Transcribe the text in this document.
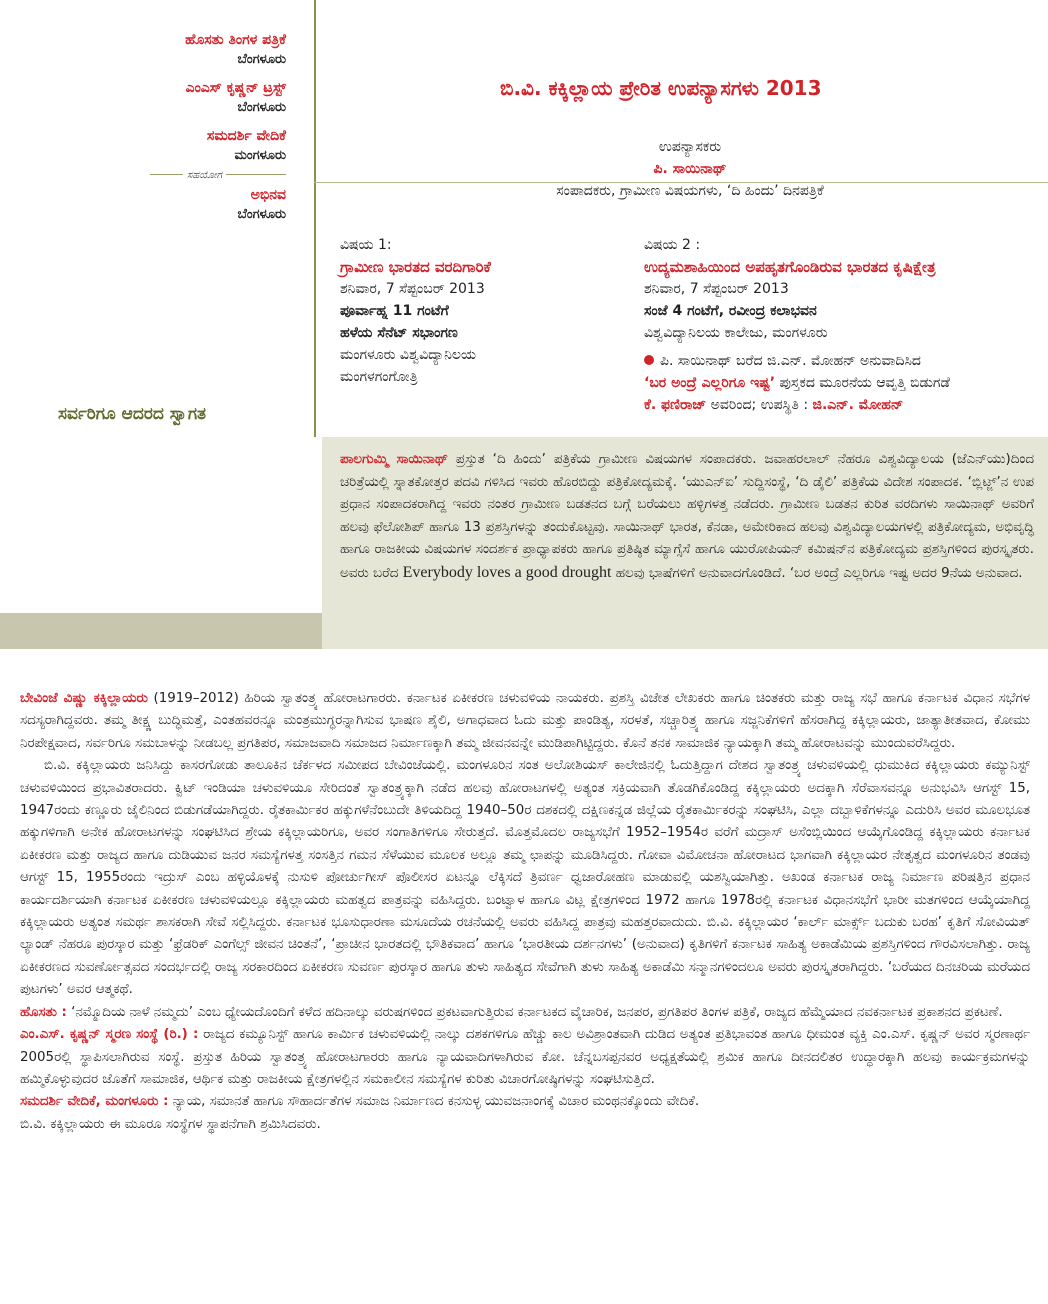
ಹೊಸತು ತಿಂಗಳ ಪತ್ರಿಕೆ
ಬೆಂಗಳೂರು
ಎಂಎಸ್ ಕೃಷ್ಣನ್ ಟ್ರಸ್ಟ್
ಬೆಂಗಳೂರು
ಸಮದರ್ಶಿ ವೇದಿಕೆ
ಮಂಗಳೂರು
ಸಹಯೋಗ
ಅಭಿನವ
ಬೆಂಗಳೂರು
ಸರ್ವರಿಗೂ ಆದರದ ಸ್ವಾಗತ
ಬಿ.ವಿ. ಕಕ್ಕಿಲ್ಲಾಯ ಪ್ರೇರಿತ ಉಪನ್ಯಾಸಗಳು 2013
ಉಪನ್ಯಾಸಕರು
ಪಿ. ಸಾಯಿನಾಥ್
ಸಂಪಾದಕರು, ಗ್ರಾಮೀಣ ವಿಷಯಗಳು, ‘ದಿ ಹಿಂದು’ ದಿನಪತ್ರಿಕೆ
ವಿಷಯ 1:
ಗ್ರಾಮೀಣ ಭಾರತದ ವರದಿಗಾರಿಕೆ
ಶನಿವಾರ, 7 ಸೆಪ್ಟಂಬರ್ 2013
ಪೂರ್ವಾಹ್ನ 11 ಗಂಟೆಗೆ
ಹಳೆಯ ಸೆನೆಟ್ ಸಭಾಂಗಣ
ಮಂಗಳೂರು ವಿಶ್ವವಿದ್ಯಾನಿಲಯ
ಮಂಗಳಗಂಗೋತ್ರಿ
ವಿಷಯ 2 :
ಉದ್ಯಮಶಾಹಿಯಿಂದ ಅಪಹೃತಗೊಂಡಿರುವ ಭಾರತದ ಕೃಷಿಕ್ಷೇತ್ರ
ಶನಿವಾರ, 7 ಸೆಪ್ಟಂಬರ್ 2013
ಸಂಜೆ 4 ಗಂಟೆಗೆ, ರವೀಂದ್ರ ಕಲಾಭವನ
ವಿಶ್ವವಿದ್ಯಾನಿಲಯ ಕಾಲೇಜು, ಮಂಗಳೂರು
ಪಿ. ಸಾಯಿನಾಥ್ ಬರೆದ ಜಿ.ಎನ್. ಮೋಹನ್ ಅನುವಾದಿಸಿದ
‘ಬರ ಅಂದ್ರೆ ಎಲ್ಲರಿಗೂ ಇಷ್ಟ’ ಪುಸ್ತಕದ ಮೂರನೆಯ ಆವೃತ್ತಿ ಬಿಡುಗಡೆ
ಕೆ. ಫಣಿರಾಜ್ ಅವರಿಂದ; ಉಪಸ್ಥಿತಿ : ಜಿ.ಎನ್. ಮೋಹನ್
ಪಾಲಗುಮ್ಮಿ ಸಾಯಿನಾಥ್ ಪ್ರಸ್ತುತ ‘ದಿ ಹಿಂದು’ ಪತ್ರಿಕೆಯ ಗ್ರಾಮೀಣ ವಿಷಯಗಳ ಸಂಪಾದಕರು. ಜವಾಹರಲಾಲ್ ನೆಹರೂ ವಿಶ್ವವಿದ್ಯಾಲಯ (ಜೆಎನ್‌ಯು)ದಿಂದ ಚರಿತ್ರೆಯಲ್ಲಿ ಸ್ನಾತಕೋತ್ತರ ಪದವಿ ಗಳಿಸಿದ ಇವರು ಹೊರಬಿದ್ದು ಪತ್ರಿಕೋದ್ಯಮಕ್ಕೆ. ‘ಯುಎನ್‌ಐ’ ಸುದ್ದಿಸಂಸ್ಥೆ, ‘ದಿ ಡೈಲಿ’ ಪತ್ರಿಕೆಯ ವಿದೇಶ ಸಂಪಾದಕ. ‘ಬ್ಲಿಟ್ಜ್’ನ ಉಪ ಪ್ರಧಾನ ಸಂಪಾದಕರಾಗಿದ್ದ ಇವರು ನಂತರ ಗ್ರಾಮೀಣ ಬಡತನದ ಬಗ್ಗೆ ಬರೆಯಲು ಹಳ್ಳಿಗಳತ್ತ ನಡೆದರು. ಗ್ರಾಮೀಣ ಬಡತನ ಕುರಿತ ವರದಿಗಳು ಸಾಯಿನಾಥ್ ಅವರಿಗೆ ಹಲವು ಫೆಲೋಶಿಪ್ ಹಾಗೂ 13 ಪ್ರಶಸ್ತಿಗಳನ್ನು ತಂದುಕೊಟ್ಟವು. ಸಾಯಿನಾಥ್ ಭಾರತ, ಕೆನಡಾ, ಅಮೇರಿಕಾದ ಹಲವು ವಿಶ್ವವಿದ್ಯಾಲಯಗಳಲ್ಲಿ ಪತ್ರಿಕೋದ್ಯಮ, ಅಭಿವೃದ್ಧಿ ಹಾಗೂ ರಾಜಕೀಯ ವಿಷಯಗಳ ಸಂದರ್ಶಕ ಪ್ರಾಧ್ಯಾಪಕರು ಹಾಗೂ ಪ್ರತಿಷ್ಠಿತ ಮ್ಯಾಗ್ಸೆಸೆ ಹಾಗೂ ಯುರೋಪಿಯನ್ ಕಮಿಷನ್‌ನ ಪತ್ರಿಕೋದ್ಯಮ ಪ್ರಶಸ್ತಿಗಳಿಂದ ಪುರಸ್ಕೃತರು. ಅವರು ಬರೆದ Everybody loves a good drought ಹಲವು ಭಾಷೆಗಳಿಗೆ ಅನುವಾದಗೊಂಡಿದೆ. ‘ಬರ ಅಂದ್ರೆ ಎಲ್ಲರಿಗೂ ಇಷ್ಟ ಅದರ 9ನೆಯ ಅನುವಾದ.

ಬೇವಿಂಜೆ ವಿಷ್ಣು ಕಕ್ಕಿಲ್ಲಾಯರು (1919–2012) ಹಿರಿಯ ಸ್ವಾತಂತ್ರ್ಯ ಹೋರಾಟಗಾರರು. ಕರ್ನಾಟಕ ಏಕೀಕರಣ ಚಳುವಳಿಯ ನಾಯಕರು. ಪ್ರಶಸ್ತಿ ವಿಜೇತ ಲೇಖಕರು ಹಾಗೂ ಚಿಂತಕರು ಮತ್ತು ರಾಜ್ಯ ಸಭೆ ಹಾಗೂ ಕರ್ನಾಟಕ ವಿಧಾನ ಸಭೆಗಳ ಸದಸ್ಯರಾಗಿದ್ದವರು. ತಮ್ಮ ತೀಕ್ಷ್ಣ ಬುದ್ಧಿಮತ್ತೆ, ಎಂತಹವರನ್ನೂ ಮಂತ್ರಮುಗ್ಧರನ್ನಾಗಿಸುವ ಭಾಷಣ ಶೈಲಿ, ಅಗಾಧವಾದ ಓದು ಮತ್ತು ಪಾಂಡಿತ್ಯ, ಸರಳತೆ, ಸಚ್ಚಾರಿತ್ರ್ಯ ಹಾಗೂ ಸಜ್ಜನಿಕೆಗಳಿಗೆ ಹೆಸರಾಗಿದ್ದ ಕಕ್ಕಿಲ್ಲಾಯರು, ಜಾತ್ಯಾತೀತವಾದ, ಕೋಮು ನಿರಪೇಕ್ಷವಾದ, ಸರ್ವರಿಗೂ ಸಮಬಾಳನ್ನು ನೀಡಬಲ್ಲ ಪ್ರಗತಿಪರ, ಸಮಾಜವಾದಿ ಸಮಾಜದ ನಿರ್ಮಾಣಕ್ಕಾಗಿ ತಮ್ಮ ಜೀವನವನ್ನೇ ಮುಡಿಪಾಗಿಟ್ಟಿದ್ದರು. ಕೊನೆ ತನಕ ಸಾಮಾಜಿಕ ನ್ಯಾಯಕ್ಕಾಗಿ ತಮ್ಮ ಹೋರಾಟವನ್ನು ಮುಂದುವರೆಸಿದ್ದರು.

ಬಿ.ವಿ. ಕಕ್ಕಿಲ್ಲಾಯರು ಜನಿಸಿದ್ದು ಕಾಸರಗೋಡು ತಾಲೂಕಿನ ಚೆರ್ಕಳದ ಸಮೀಪದ ಬೇವಿಂಜೆಯಲ್ಲಿ. ಮಂಗಳೂರಿನ ಸಂತ ಅಲೋಶಿಯಸ್ ಕಾಲೇಜಿನಲ್ಲಿ ಓದುತ್ತಿದ್ದಾಗ ದೇಶದ ಸ್ವಾತಂತ್ರ್ಯ ಚಳುವಳಿಯಲ್ಲಿ ಧುಮುಕಿದ ಕಕ್ಕಿಲ್ಲಾಯರು ಕಮ್ಯುನಿಸ್ಟ್ ಚಳುವಳಿಯಿಂದ ಪ್ರಭಾವಿತರಾದರು. ಕ್ವಿಟ್ ಇಂಡಿಯಾ ಚಳುವಳಿಯೂ ಸೇರಿದಂತೆ ಸ್ವಾತಂತ್ರ್ಯಕ್ಕಾಗಿ ನಡೆದ ಹಲವು ಹೋರಾಟಗಳಲ್ಲಿ ಅತ್ಯಂತ ಸಕ್ರಿಯವಾಗಿ ತೊಡಗಿಕೊಂಡಿದ್ದ ಕಕ್ಕಿಲ್ಲಾಯರು ಅದಕ್ಕಾಗಿ ಸೆರೆವಾಸವನ್ನೂ ಅನುಭವಿಸಿ ಆಗಸ್ಟ್ 15, 1947ರಂದು ಕಣ್ಣೂರು ಜೈಲಿನಿಂದ ಬಿಡುಗಡೆಯಾಗಿದ್ದರು. ರೈತಕಾರ್ಮಿಕರ ಹಕ್ಕುಗಳೆನೆಂಬುದೇ ತಿಳಿಯದಿದ್ದ 1940–50ರ ದಶಕದಲ್ಲಿ ದಕ್ಷಿಣಕನ್ನಡ ಜಿಲ್ಲೆಯ ರೈತಕಾರ್ಮಿಕರನ್ನು ಸಂಘಟಿಸಿ, ಎಲ್ಲಾ ದಬ್ಬಾಳಿಕೆಗಳನ್ನೂ ಎದುರಿಸಿ ಅವರ ಮೂಲಭೂತ ಹಕ್ಕುಗಳಿಗಾಗಿ ಅನೇಕ ಹೋರಾಟಗಳನ್ನು ಸಂಘಟಿಸಿದ ಶ್ರೇಯ ಕಕ್ಕಿಲ್ಲಾಯರಿಗೂ, ಅವರ ಸಂಗಾತಿಗಳಿಗೂ ಸೇರುತ್ತದೆ. ಮೊತ್ತಮೊದಲ ರಾಜ್ಯಸಭೆಗೆ 1952–1954ರ ವರೆಗೆ ಮದ್ರಾಸ್ ಅಸೆಂಬ್ಲಿಯಿಂದ ಆಯ್ಕೆಗೊಂಡಿದ್ದ ಕಕ್ಕಿಲ್ಲಾಯರು ಕರ್ನಾಟಕ ಏಕೀಕರಣ ಮತ್ತು ರಾಜ್ಯದ ಹಾಗೂ ದುಡಿಯುವ ಜನರ ಸಮಸ್ಯೆಗಳತ್ತ ಸಂಸತ್ತಿನ ಗಮನ ಸೆಳೆಯುವ ಮೂಲಕ ಅಲ್ಲೂ ತಮ್ಮ ಛಾಪನ್ನು ಮೂಡಿಸಿದ್ದರು. ಗೋವಾ ವಿಮೋಚನಾ ಹೋರಾಟದ ಭಾಗವಾಗಿ ಕಕ್ಕಿಲ್ಲಾಯರ ನೇತೃತ್ವದ ಮಂಗಳೂರಿನ ತಂಡವು ಆಗಸ್ಟ್ 15, 1955ರಂದು ಇದ್ರುಸ್ ಎಂಬ ಹಳ್ಳಿಯೊಳಕ್ಕೆ ನುಸುಳಿ ಪೋರ್ಚುಗೀಸ್ ಪೊಲೀಸರ ಏಟನ್ನೂ ಲೆಕ್ಕಿಸದೆ ತ್ರಿವರ್ಣ ಧ್ವಜಾರೋಹಣ ಮಾಡುವಲ್ಲಿ ಯಶಸ್ವಿಯಾಗಿತ್ತು. ಅಖಂಡ ಕರ್ನಾಟಕ ರಾಜ್ಯ ನಿರ್ಮಾಣ ಪರಿಷತ್ತಿನ ಪ್ರಧಾನ ಕಾರ್ಯದರ್ಶಿಯಾಗಿ ಕರ್ನಾಟಕ ಏಕೀಕರಣ ಚಳುವಳಿಯಲ್ಲೂ ಕಕ್ಕಿಲ್ಲಾಯರು ಮಹತ್ವದ ಪಾತ್ರವನ್ನು ವಹಿಸಿದ್ದರು. ಬಂಟ್ವಾಳ ಹಾಗೂ ವಿಟ್ಲ ಕ್ಷೇತ್ರಗಳಿಂದ 1972 ಹಾಗೂ 1978ರಲ್ಲಿ ಕರ್ನಾಟಕ ವಿಧಾನಸಭೆಗೆ ಭಾರೀ ಮತಗಳಿಂದ ಆಯ್ಕೆಯಾಗಿದ್ದ ಕಕ್ಕಿಲ್ಲಾಯರು ಅತ್ಯಂತ ಸಮರ್ಥ ಶಾಸಕರಾಗಿ ಸೇವೆ ಸಲ್ಲಿಸಿದ್ದರು. ಕರ್ನಾಟಕ ಭೂಸುಧಾರಣಾ ಮಸೂದೆಯ ರಚನೆಯಲ್ಲಿ ಅವರು ವಹಿಸಿದ್ದ ಪಾತ್ರವು ಮಹತ್ತರವಾದುದು. ಬಿ.ವಿ. ಕಕ್ಕಿಲ್ಲಾಯರ ‘ಕಾರ್ಲ್ ಮಾರ್ಕ್ಸ್ ಬದುಕು ಬರಹ’ ಕೃತಿಗೆ ಸೋವಿಯತ್ ಲ್ಯಾಂಡ್ ನೆಹರೂ ಪುರಸ್ಕಾರ ಮತ್ತು ‘ಫ್ರೆಡರಿಕ್ ಎಂಗೆಲ್ಸ್ ಜೀವನ ಚಿಂತನೆ’, ‘ಪ್ರಾಚೀನ ಭಾರತದಲ್ಲಿ ಭೌತಿಕವಾದ’ ಹಾಗೂ ‘ಭಾರತೀಯ ದರ್ಶನಗಳು’ (ಅನುವಾದ) ಕೃತಿಗಳಿಗೆ ಕರ್ನಾಟಕ ಸಾಹಿತ್ಯ ಅಕಾಡೆಮಿಯ ಪ್ರಶಸ್ತಿಗಳಿಂದ ಗೌರವಿಸಲಾಗಿತ್ತು. ರಾಜ್ಯ ಏಕೀಕರಣದ ಸುವರ್ಣೋತ್ಸವದ ಸಂದರ್ಭದಲ್ಲಿ ರಾಜ್ಯ ಸರಕಾರದಿಂದ ಏಕೀಕರಣ ಸುವರ್ಣ ಪುರಸ್ಕಾರ ಹಾಗೂ ತುಳು ಸಾಹಿತ್ಯದ ಸೇವೆಗಾಗಿ ತುಳು ಸಾಹಿತ್ಯ ಅಕಾಡೆಮಿ ಸನ್ಮಾನಗಳಿಂದಲೂ ಅವರು ಪುರಸ್ಕೃತರಾಗಿದ್ದರು. ‘ಬರೆಯದ ದಿನಚರಿಯ ಮರೆಯದ ಪುಟಗಳು’ ಅವರ ಆತ್ಮಕಥೆ.

ಹೊಸತು : ‘ನಮ್ಮೊದಿಯ ನಾಳೆ ನಮ್ಮದು’ ಎಂಬ ಧ್ಯೇಯದೊಂದಿಗೆ ಕಳೆದ ಹದಿನಾಲ್ಕು ವರುಷಗಳಿಂದ ಪ್ರಕಟವಾಗುತ್ತಿರುವ ಕರ್ನಾಟಕದ ವೈಚಾರಿಕ, ಜನಪರ, ಪ್ರಗತಿಪರ ತಿಂಗಳ ಪತ್ರಿಕೆ, ರಾಜ್ಯದ ಹೆಮ್ಮೆಯಾದ ನವಕರ್ನಾಟಕ ಪ್ರಕಾಶನದ ಪ್ರಕಟಣೆ.

ಎಂ.ಎಸ್. ಕೃಷ್ಣನ್ ಸ್ಮರಣ ಸಂಸ್ಥೆ (ರಿ.) : ರಾಜ್ಯದ ಕಮ್ಯೂನಿಸ್ಟ್ ಹಾಗೂ ಕಾರ್ಮಿಕ ಚಳುವಳಿಯಲ್ಲಿ ನಾಲ್ಕು ದಶಕಗಳಿಗೂ ಹೆಚ್ಚು ಕಾಲ ಅವಿಶ್ರಾಂತವಾಗಿ ದುಡಿದ ಅತ್ಯಂತ ಪ್ರತಿಭಾವಂತ ಹಾಗೂ ಧೀಮಂತ ವ್ಯಕ್ತಿ ಎಂ.ಎಸ್. ಕೃಷ್ಣನ್ ಅವರ ಸ್ಮರಣಾರ್ಥ 2005ರಲ್ಲಿ ಸ್ಥಾಪಿಸಲಾಗಿರುವ ಸಂಸ್ಥೆ. ಪ್ರಸ್ತುತ ಹಿರಿಯ ಸ್ವಾತಂತ್ರ್ಯ ಹೋರಾಟಗಾರರು ಹಾಗೂ ನ್ಯಾಯವಾದಿಗಳಾಗಿರುವ ಕೋ. ಚೆನ್ನಬಸಪ್ಪನವರ ಅಧ್ಯಕ್ಷತೆಯಲ್ಲಿ ಶ್ರಮಿಕ ಹಾಗೂ ದೀನದಲಿತರ ಉದ್ಧಾರಕ್ಕಾಗಿ ಹಲವು ಕಾರ್ಯಕ್ರಮಗಳನ್ನು ಹಮ್ಮಿಕೊಳ್ಳುವುದರ ಜೊತೆಗೆ ಸಾಮಾಜಿಕ, ಆರ್ಥಿಕ ಮತ್ತು ರಾಜಕೀಯ ಕ್ಷೇತ್ರಗಳಲ್ಲಿನ ಸಮಕಾಲೀನ ಸಮಸ್ಯೆಗಳ ಕುರಿತು ವಿಚಾರಗೋಷ್ಠಿಗಳನ್ನು ಸಂಘಟಿಸುತ್ತಿದೆ.

ಸಮದರ್ಶಿ ವೇದಿಕೆ, ಮಂಗಳೂರು : ನ್ಯಾಯ, ಸಮಾನತೆ ಹಾಗೂ ಸೌಹಾರ್ದತೆಗಳ ಸಮಾಜ ನಿರ್ಮಾಣದ ಕನಸುಳ್ಳ ಯುವಜನಾಂಗಕ್ಕೆ ವಿಚಾರ ಮಂಥನಕ್ಕೊಂದು ವೇದಿಕೆ.

ಬಿ.ವಿ. ಕಕ್ಕಿಲ್ಲಾಯರು ಈ ಮೂರೂ ಸಂಸ್ಥೆಗಳ ಸ್ಥಾಪನೆಗಾಗಿ ಶ್ರಮಿಸಿದವರು.
